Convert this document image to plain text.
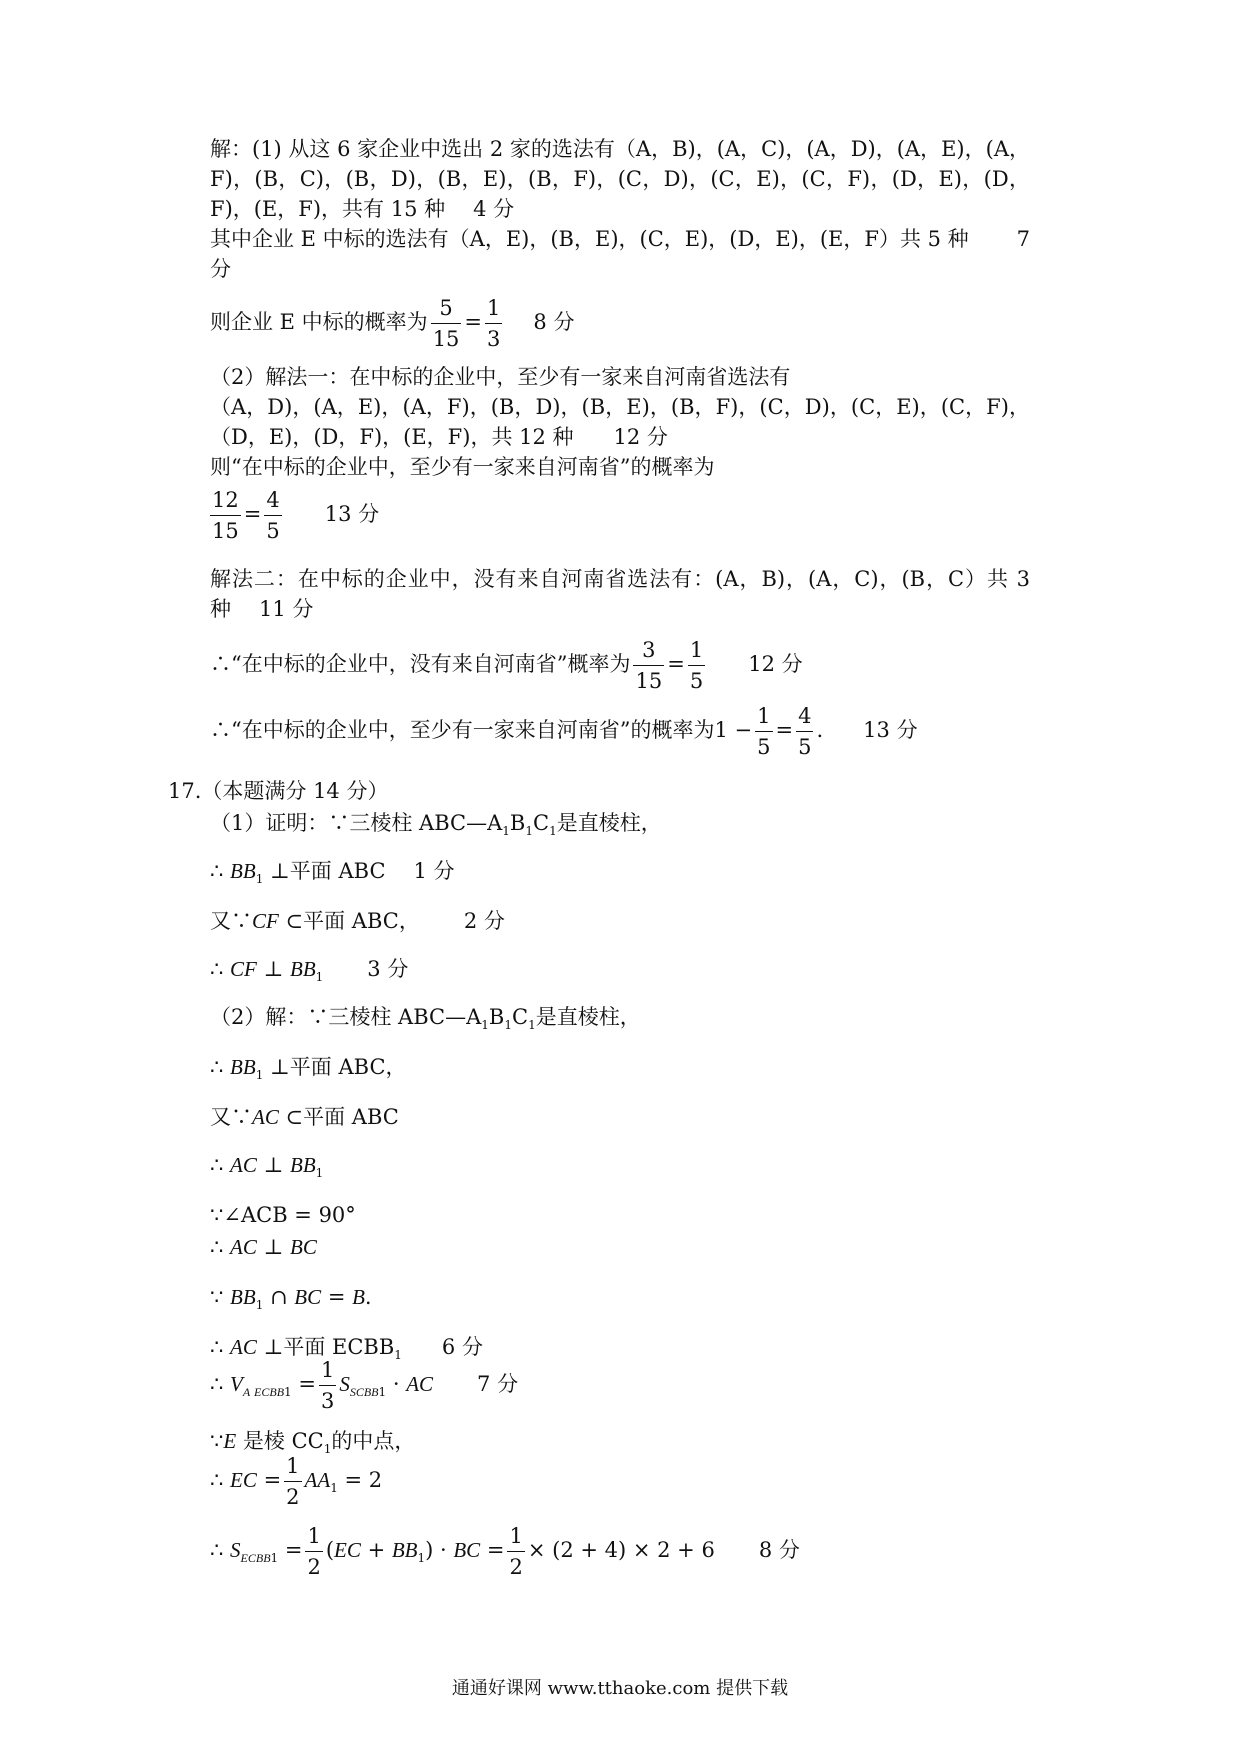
解：(1) 从这 6 家企业中选出 2 家的选法有（A，B)，(A，C)，(A，D)，(A，E)，(A，
F)，(B，C)，(B，D)，(B，E)，(B，F)，(C，D)，(C，E)，(C，F)，(D，E)，(D，
F)，(E，F)，共有 15 种 4 分
其中企业 E 中标的选法有（A，E)，(B，E)，(C，E)，(D，E)，(E，F）共 5 种 7
分
则企业 E 中标的概率为 $\frac{5}{15} = \frac{1}{3} 8$ 分
（2）解法一：在中标的企业中，至少有一家来自河南省选法有
（A，D)，(A，E)，(A，F)，(B，D)，(B，E)，(B，F)，(C，D)，(C，E)，(C，F)，
（D，E)，(D，F)，(E，F)，共 12 种 12 分
则“在中标的企业中，至少有一家来自河南省”的概率为
$\frac{12}{15} = \frac{4}{5} 13$ 分
解法二：在中标的企业中，没有来自河南省选法有：(A，B)，(A，C)，(B，C）共 3
种 11 分
∴“在中标的企业中，没有来自河南省”概率为 $\frac{3}{15} = \frac{1}{5} 12$ 分
∴“在中标的企业中，至少有一家来自河南省”的概率为$1 - \frac{1}{5} = \frac{4}{5}$ . 13 分
17.（本题满分 14 分）
（1）证明：∵三棱柱 $ABC—A_1B_1C_1$是直棱柱，
∴ $BB_1$ ⊥平面 ABC 1 分
又∵CF ⊂平面 ABC， 2 分
∴ CF ⊥ $BB_1$ 3 分
（2）解：∵三棱柱 $ABC—A_1B_1C_1$是直棱柱，
∴ $BB_1$ ⊥平面 ABC，
又∵AC ⊂平面 ABC
∴ AC ⊥ $BB_1$
∵∠ACB = 90°
∴ AC ⊥ BC
∵ $BB_1$ ∩ BC = B.
∴ AC ⊥平面 $ECBB_1$ 6 分
∴ $V_{A ECBB1} = \frac{1}{3} S_{SCBB1}$ · AC 7 分
∵E 是棱 $CC_1$的中点，
∴ EC = $\frac{1}{2} AA_1 = 2$
∴ $S_{ECBB1} = \frac{1}{2} (EC + BB_1)$ · BC = $\frac{1}{2} \times (2 + 4) \times 2 + 6$ 8 分
通通好课网 www.tthaoke.com 提供下载
